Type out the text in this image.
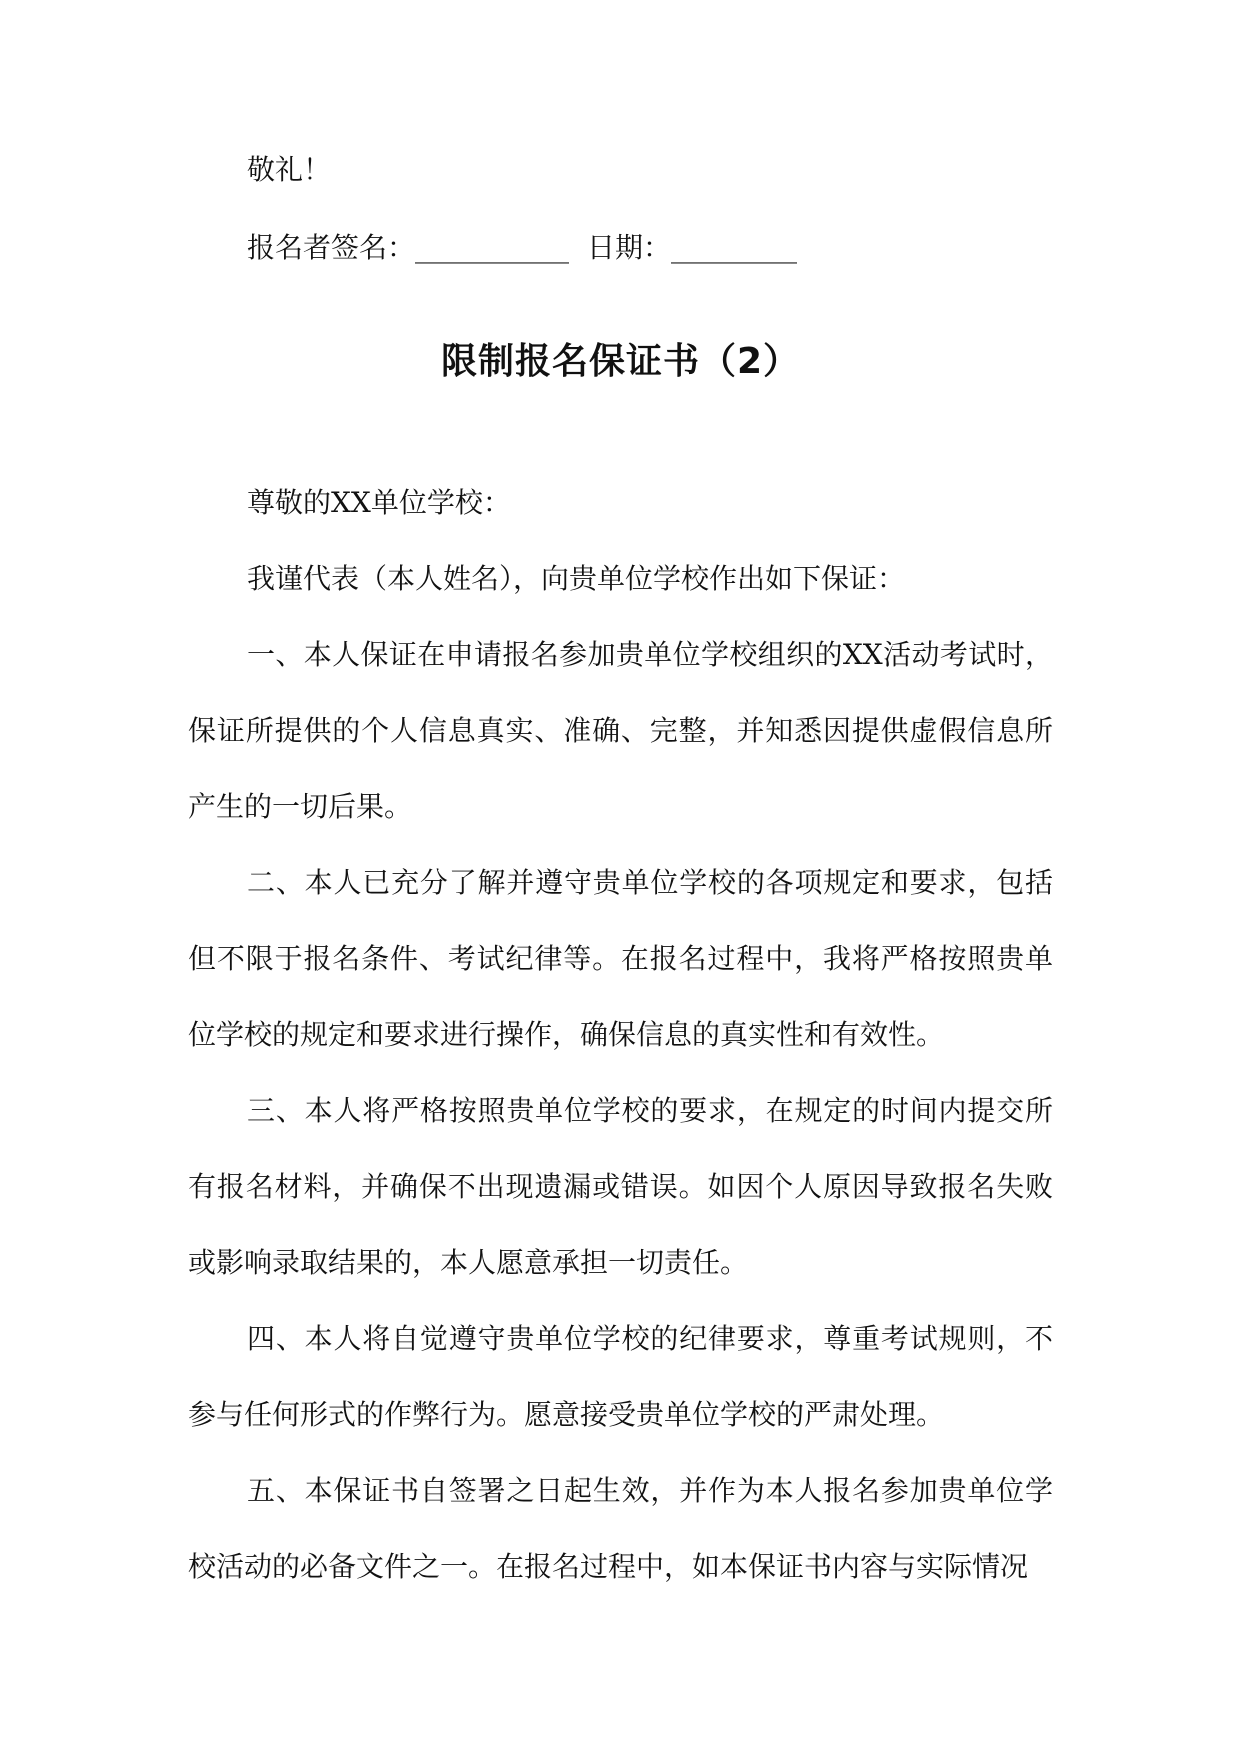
敬礼！
报名者签名：___________ 日期：_________
限制报名保证书（2）

尊敬的XX单位学校：

我谨代表（本人姓名），向贵单位学校作出如下保证：

一、本人保证在申请报名参加贵单位学校组织的XX活动考试时，保证所提供的个人信息真实、准确、完整，并知悉因提供虚假信息所产生的一切后果。

二、本人已充分了解并遵守贵单位学校的各项规定和要求，包括但不限于报名条件、考试纪律等。在报名过程中，我将严格按照贵单位学校的规定和要求进行操作，确保信息的真实性和有效性。

三、本人将严格按照贵单位学校的要求，在规定的时间内提交所有报名材料，并确保不出现遗漏或错误。如因个人原因导致报名失败或影响录取结果的，本人愿意承担一切责任。

四、本人将自觉遵守贵单位学校的纪律要求，尊重考试规则，不参与任何形式的作弊行为。愿意接受贵单位学校的严肃处理。

五、本保证书自签署之日起生效，并作为本人报名参加贵单位学校活动的必备文件之一。在报名过程中，如本保证书内容与实际情况
